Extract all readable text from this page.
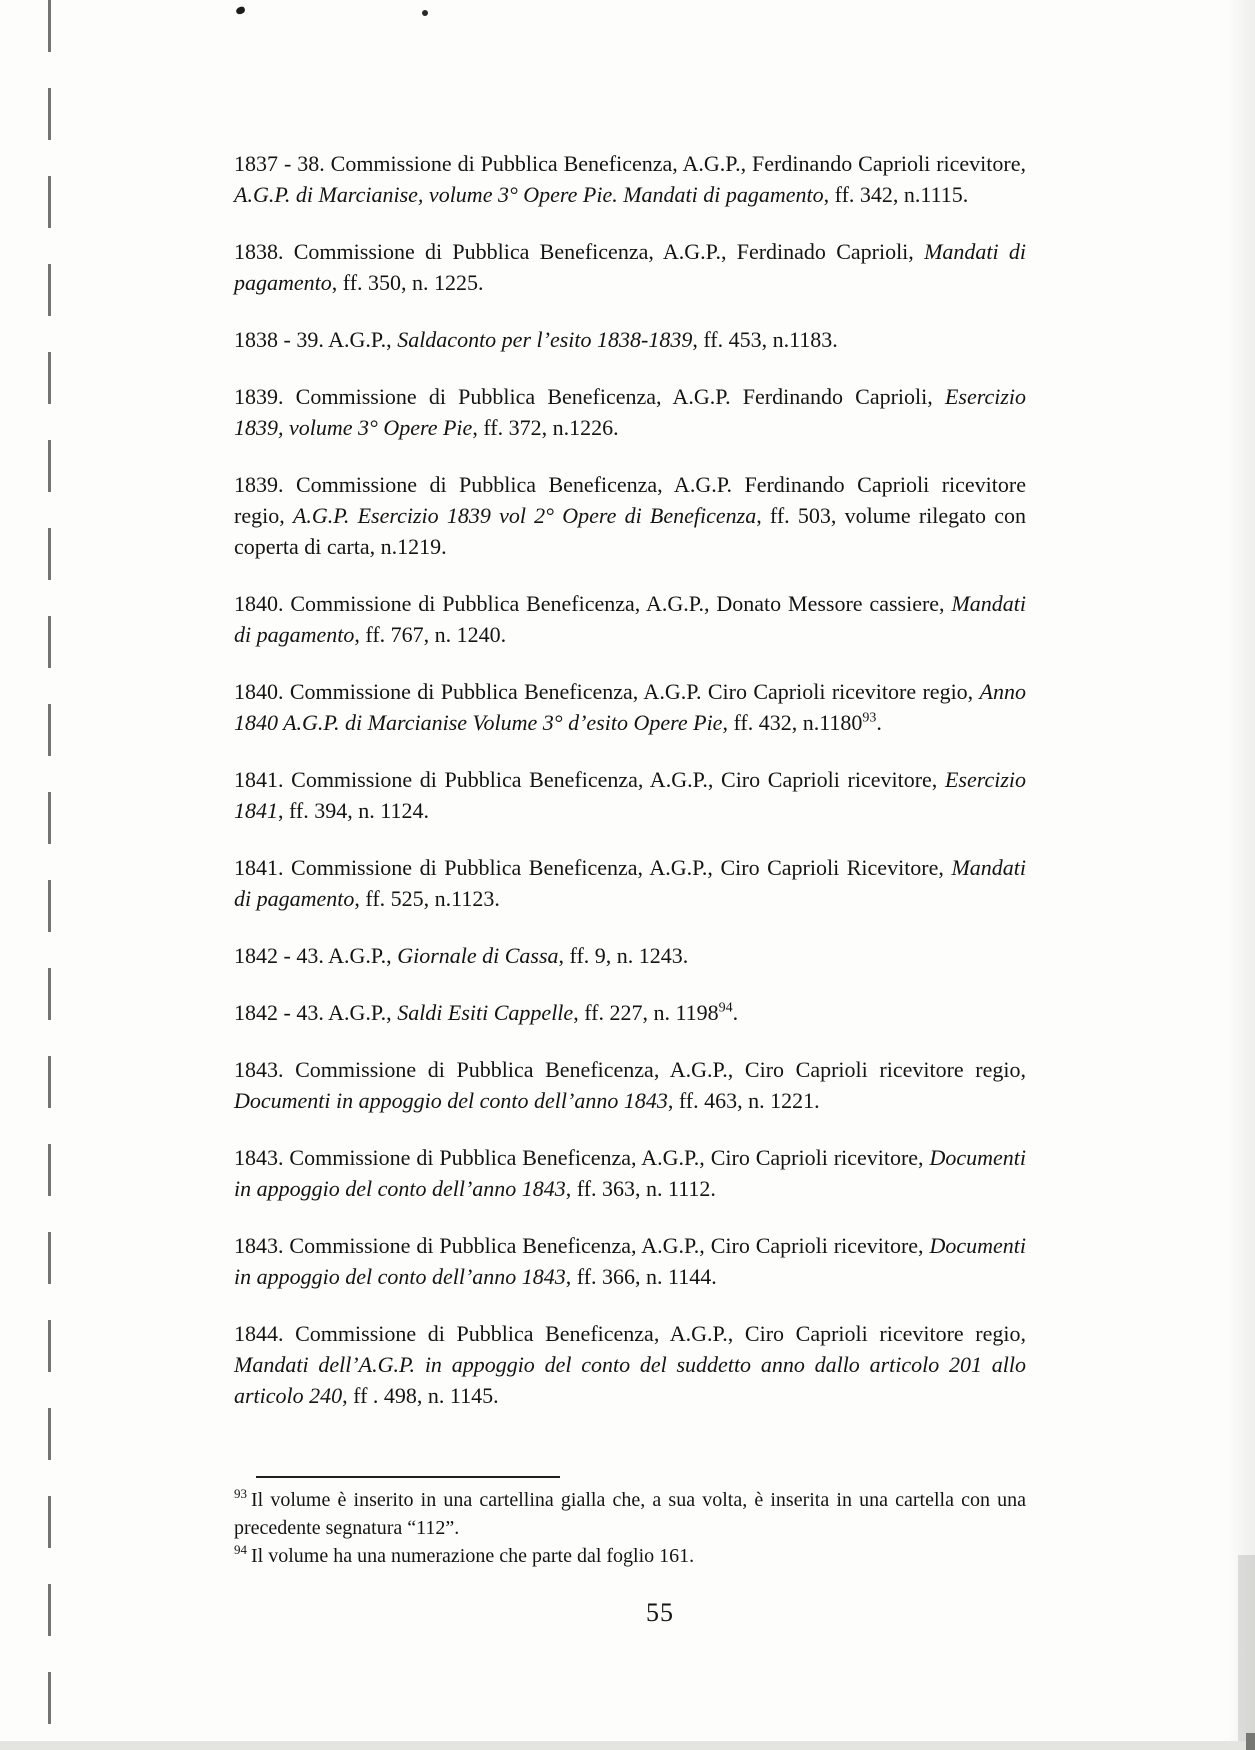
1837 - 38. Commissione di Pubblica Beneficenza, A.G.P., Ferdinando Caprioli ricevitore, A.G.P. di Marcianise, volume 3° Opere Pie. Mandati di pagamento, ff. 342, n.1115.

1838. Commissione di Pubblica Beneficenza, A.G.P., Ferdinado Caprioli, Mandati di pagamento, ff. 350, n. 1225.

1838 - 39. A.G.P., Saldaconto per l’esito 1838-1839, ff. 453, n.1183.

1839. Commissione di Pubblica Beneficenza, A.G.P. Ferdinando Caprioli, Esercizio 1839, volume 3° Opere Pie, ff. 372, n.1226.

1839. Commissione di Pubblica Beneficenza, A.G.P. Ferdinando Caprioli ricevitore regio, A.G.P. Esercizio 1839 vol 2° Opere di Beneficenza, ff. 503, volume rilegato con coperta di carta, n.1219.

1840. Commissione di Pubblica Beneficenza, A.G.P., Donato Messore cassiere, Mandati di pagamento, ff. 767, n. 1240.

1840. Commissione di Pubblica Beneficenza, A.G.P. Ciro Caprioli ricevitore regio, Anno 1840 A.G.P. di Marcianise Volume 3° d’esito Opere Pie, ff. 432, n.1180$^{93}$.

1841. Commissione di Pubblica Beneficenza, A.G.P., Ciro Caprioli ricevitore, Esercizio 1841, ff. 394, n. 1124.

1841. Commissione di Pubblica Beneficenza, A.G.P., Ciro Caprioli Ricevitore, Mandati di pagamento, ff. 525, n.1123.

1842 - 43. A.G.P., Giornale di Cassa, ff. 9, n. 1243.

1842 - 43. A.G.P., Saldi Esiti Cappelle, ff. 227, n. 1198$^{94}$.

1843. Commissione di Pubblica Beneficenza, A.G.P., Ciro Caprioli ricevitore regio, Documenti in appoggio del conto dell’anno 1843, ff. 463, n. 1221.

1843. Commissione di Pubblica Beneficenza, A.G.P., Ciro Caprioli ricevitore, Documenti in appoggio del conto dell’anno 1843, ff. 363, n. 1112.

1843. Commissione di Pubblica Beneficenza, A.G.P., Ciro Caprioli ricevitore, Documenti in appoggio del conto dell’anno 1843, ff. 366, n. 1144.

1844. Commissione di Pubblica Beneficenza, A.G.P., Ciro Caprioli ricevitore regio, Mandati dell’A.G.P. in appoggio del conto del suddetto anno dallo articolo 201 allo articolo 240, ff . 498, n. 1145.

$^{93}$ Il volume è inserito in una cartellina gialla che, a sua volta, è inserita in una cartella con una precedente segnatura “112”.

$^{94}$ Il volume ha una numerazione che parte dal foglio 161.

55
